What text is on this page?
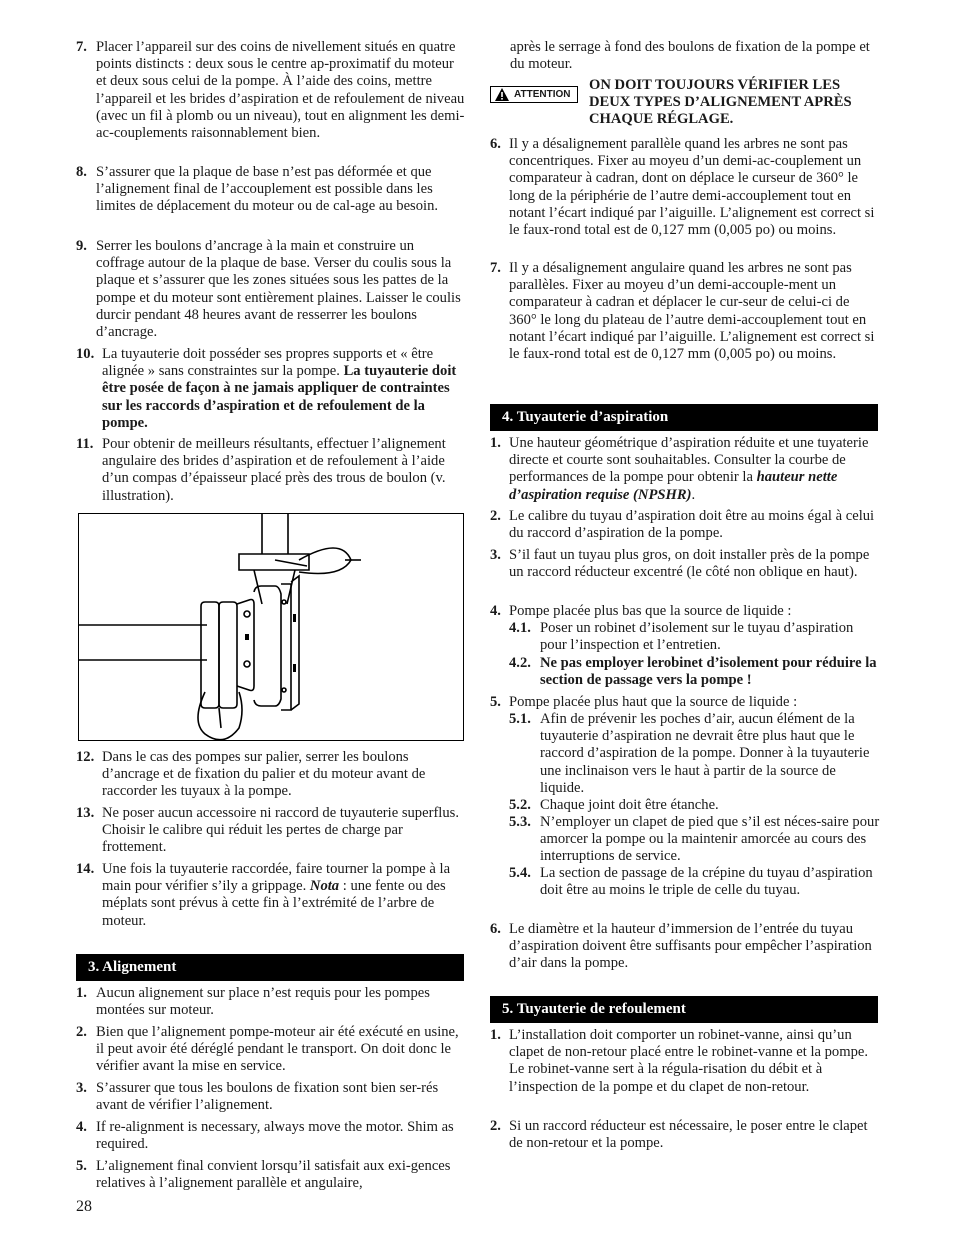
7. Placer l’appareil sur des coins de nivellement situés en quatre points distincts : deux sous le centre ap-proximatif du moteur et deux sous celui de la pompe. À l’aide des coins, mettre l’appareil et les brides d’aspiration et de refoulement de niveau (avec un fil à plomb ou un niveau), tout en alignment les demi-ac-couplements raisonnablement bien.
8. S’assurer que la plaque de base n’est pas déformée et que l’alignement final de l’accouplement est possible dans les limites de déplacement du moteur ou de cal-age au besoin.
9. Serrer les boulons d’ancrage à la main et construire un coffrage autour de la plaque de base. Verser du coulis sous la plaque et s’assurer que les zones situées sous les pattes de la pompe et du moteur sont entièrement plaines. Laisser le coulis durcir pendant 48 heures avant de resserrer les boulons d’ancrage.
10. La tuyauterie doit posséder ses propres supports et « être alignée » sans constraintes sur la pompe. La tuyauterie doit être posée de façon à ne jamais appliquer de contraintes sur les raccords d’aspiration et de refoulement de la pompe.
11. Pour obtenir de meilleurs résultants, effectuer l’alignement angulaire des brides d’aspiration et de refoulement à l’aide d’un compas d’épaisseur placé près des trous de boulon (v. illustration).
12. Dans le cas des pompes sur palier, serrer les boulons d’ancrage et de fixation du palier et du moteur avant de raccorder les tuyaux à la pompe.
13. Ne poser aucun accessoire ni raccord de tuyauterie superflus. Choisir le calibre qui réduit les pertes de charge par frottement.
14. Une fois la tuyauterie raccordée, faire tourner la pompe à la main pour vérifier s’ily a grippage. Nota : une fente ou des méplats sont prévus à cette fin à l’extrémité de l’arbre de moteur.
3. Alignement
1. Aucun alignement sur place n’est requis pour les pompes montées sur moteur.
2. Bien que l’alignement pompe-moteur air été exécuté en usine, il peut avoir été déréglé pendant le transport. On doit donc le vérifier avant la mise en service.
3. S’assurer que tous les boulons de fixation sont bien ser-rés avant de vérifier l’alignement.
4. If re-alignment is necessary, always move the motor. Shim as required.
5. L’alignement final convient lorsqu’il satisfait aux exi-gences relatives à l’alignement parallèle et angulaire,
28
après le serrage à fond des boulons de fixation de la pompe et du moteur.
ATTENTION
ON DOIT TOUJOURS VÉRIFIER LES DEUX TYPES D’ALIGNEMENT APRÈS CHAQUE RÉGLAGE.
6. Il y a désalignement parallèle quand les arbres ne sont pas concentriques. Fixer au moyeu d’un demi-ac-couplement un comparateur à cadran, dont on déplace le curseur de 360° le long de la périphérie de l’autre demi-accouplement tout en notant l’écart indiqué par l’aiguille. L’alignement est correct si le faux-rond total est de 0,127 mm (0,005 po) ou moins.
7. Il y a désalignement angulaire quand les arbres ne sont pas parallèles. Fixer au moyeu d’un demi-accouple-ment un comparateur à cadran et déplacer le cur-seur de celui-ci de 360° le long du plateau de l’autre demi-accouplement tout en notant l’écart indiqué par l’aiguille. L’alignement est correct si le faux-rond total est de 0,127 mm (0,005 po) ou moins.
4. Tuyauterie d’aspiration
1. Une hauteur géométrique d’aspiration réduite et une tuyaterie directe et courte sont souhaitables. Consulter la courbe de performances de la pompe pour obtenir la hauteur nette d’aspiration requise (NPSHR).
2. Le calibre du tuyau d’aspiration doit être au moins égal à celui du raccord d’aspiration de la pompe.
3. S’il faut un tuyau plus gros, on doit installer près de la pompe un raccord réducteur excentré (le côté non oblique en haut).
4. Pompe placée plus bas que la source de liquide :
4.1. Poser un robinet d’isolement sur le tuyau d’aspiration pour l’inspection et l’entretien.
4.2. Ne pas employer lerobinet d’isolement pour réduire la section de passage vers la pompe !
5. Pompe placée plus haut que la source de liquide :
5.1. Afin de prévenir les poches d’air, aucun élément de la tuyauterie d’aspiration ne devrait être plus haut que le raccord d’aspiration de la pompe. Donner à la tuyauterie une inclinaison vers le haut à partir de la source de liquide.
5.2. Chaque joint doit être étanche.
5.3. N’employer un clapet de pied que s’il est néces-saire pour amorcer la pompe ou la maintenir amorcée au cours des interruptions de service.
5.4. La section de passage de la crépine du tuyau d’aspiration doit être au moins le triple de celle du tuyau.
6. Le diamètre et la hauteur d’immersion de l’entrée du tuyau d’aspiration doivent être suffisants pour empêcher l’aspiration d’air dans la pompe.
5. Tuyauterie de refoulement
1. L’installation doit comporter un robinet-vanne, ainsi qu’un clapet de non-retour placé entre le robinet-vanne et la pompe. Le robinet-vanne sert à la régula-risation du débit et à l’inspection de la pompe et du clapet de non-retour.
2. Si un raccord réducteur est nécessaire, le poser entre le clapet de non-retour et la pompe.
